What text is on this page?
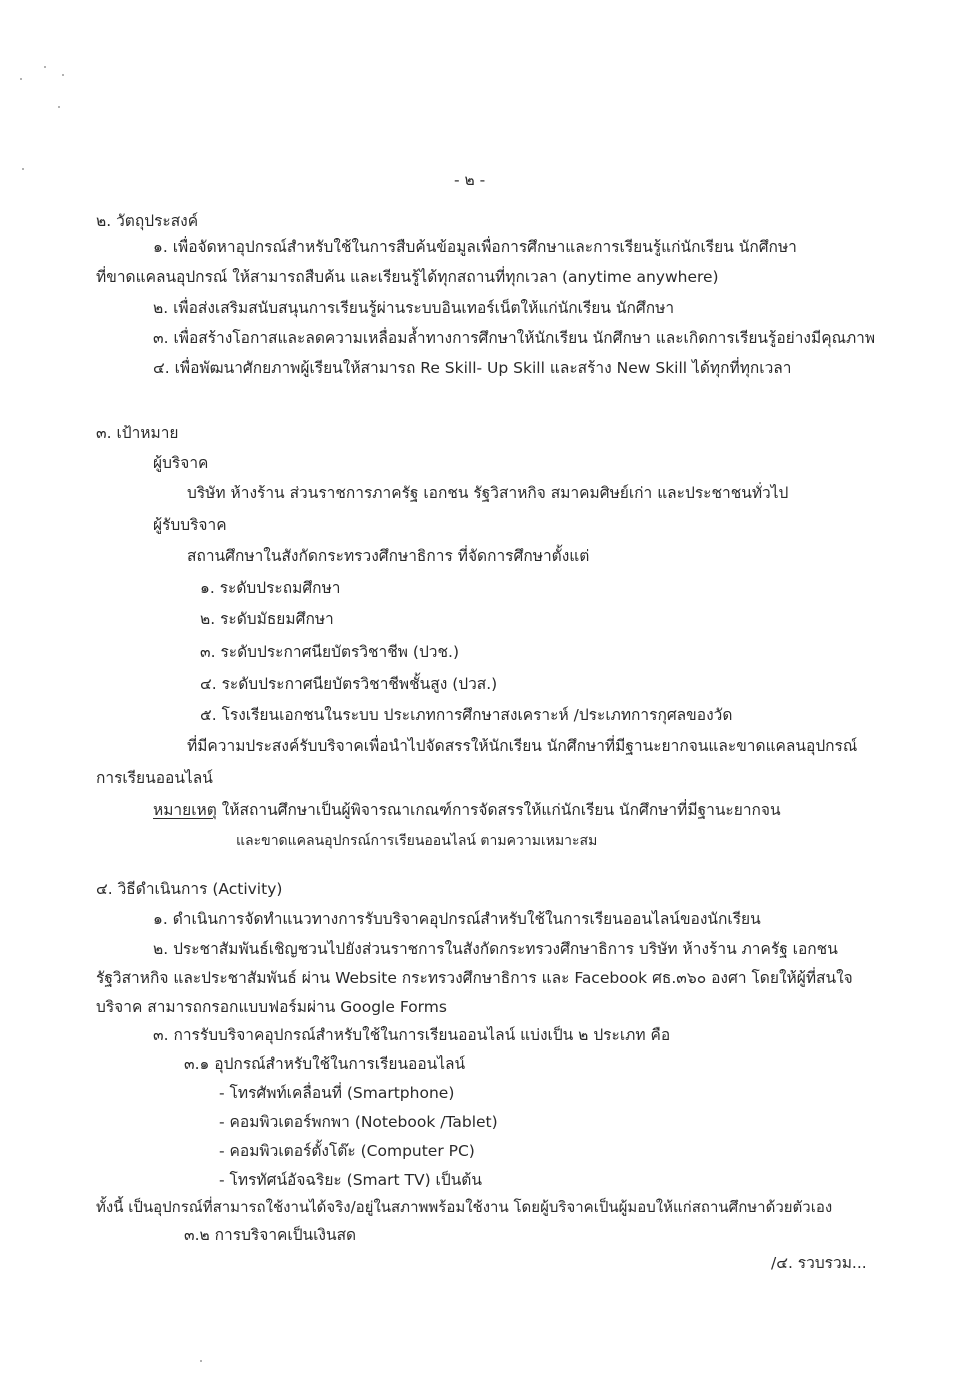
- ๒ -
๒. วัตถุประสงค์
๑. เพื่อจัดหาอุปกรณ์สำหรับใช้ในการสืบค้นข้อมูลเพื่อการศึกษาและการเรียนรู้แก่นักเรียน นักศึกษา
ที่ขาดแคลนอุปกรณ์ ให้สามารถสืบค้น และเรียนรู้ได้ทุกสถานที่ทุกเวลา (anytime anywhere)
๒. เพื่อส่งเสริมสนับสนุนการเรียนรู้ผ่านระบบอินเทอร์เน็ตให้แก่นักเรียน นักศึกษา
๓. เพื่อสร้างโอกาสและลดความเหลื่อมล้ำทางการศึกษาให้นักเรียน นักศึกษา และเกิดการเรียนรู้อย่างมีคุณภาพ
๔. เพื่อพัฒนาศักยภาพผู้เรียนให้สามารถ Re Skill- Up Skill และสร้าง New Skill ได้ทุกที่ทุกเวลา
๓. เป้าหมาย
ผู้บริจาค
บริษัท ห้างร้าน ส่วนราชการภาครัฐ เอกชน รัฐวิสาหกิจ สมาคมศิษย์เก่า และประชาชนทั่วไป
ผู้รับบริจาค
สถานศึกษาในสังกัดกระทรวงศึกษาธิการ ที่จัดการศึกษาตั้งแต่
๑. ระดับประถมศึกษา
๒. ระดับมัธยมศึกษา
๓. ระดับประกาศนียบัตรวิชาชีพ (ปวช.)
๔. ระดับประกาศนียบัตรวิชาชีพชั้นสูง (ปวส.)
๕. โรงเรียนเอกชนในระบบ ประเภทการศึกษาสงเคราะห์ /ประเภทการกุศลของวัด
ที่มีความประสงค์รับบริจาคเพื่อนำไปจัดสรรให้นักเรียน นักศึกษาที่มีฐานะยากจนและขาดแคลนอุปกรณ์
การเรียนออนไลน์
หมายเหตุ ให้สถานศึกษาเป็นผู้พิจารณาเกณฑ์การจัดสรรให้แก่นักเรียน นักศึกษาที่มีฐานะยากจน
และขาดแคลนอุปกรณ์การเรียนออนไลน์ ตามความเหมาะสม
๔. วิธีดำเนินการ (Activity)
๑. ดำเนินการจัดทำแนวทางการรับบริจาคอุปกรณ์สำหรับใช้ในการเรียนออนไลน์ของนักเรียน
๒. ประชาสัมพันธ์เชิญชวนไปยังส่วนราชการในสังกัดกระทรวงศึกษาธิการ บริษัท ห้างร้าน ภาครัฐ เอกชน
รัฐวิสาหกิจ และประชาสัมพันธ์ ผ่าน Website กระทรวงศึกษาธิการ และ Facebook ศธ.๓๖๐ องศา โดยให้ผู้ที่สนใจ
บริจาค สามารถกรอกแบบฟอร์มผ่าน Google Forms
๓. การรับบริจาคอุปกรณ์สำหรับใช้ในการเรียนออนไลน์ แบ่งเป็น ๒ ประเภท คือ
๓.๑ อุปกรณ์สำหรับใช้ในการเรียนออนไลน์
- โทรศัพท์เคลื่อนที่ (Smartphone)
- คอมพิวเตอร์พกพา (Notebook /Tablet)
- คอมพิวเตอร์ตั้งโต๊ะ (Computer PC)
- โทรทัศน์อัจฉริยะ (Smart TV) เป็นต้น
ทั้งนี้ เป็นอุปกรณ์ที่สามารถใช้งานได้จริง/อยู่ในสภาพพร้อมใช้งาน โดยผู้บริจาคเป็นผู้มอบให้แก่สถานศึกษาด้วยตัวเอง
๓.๒ การบริจาคเป็นเงินสด
/๔. รวบรวม...
